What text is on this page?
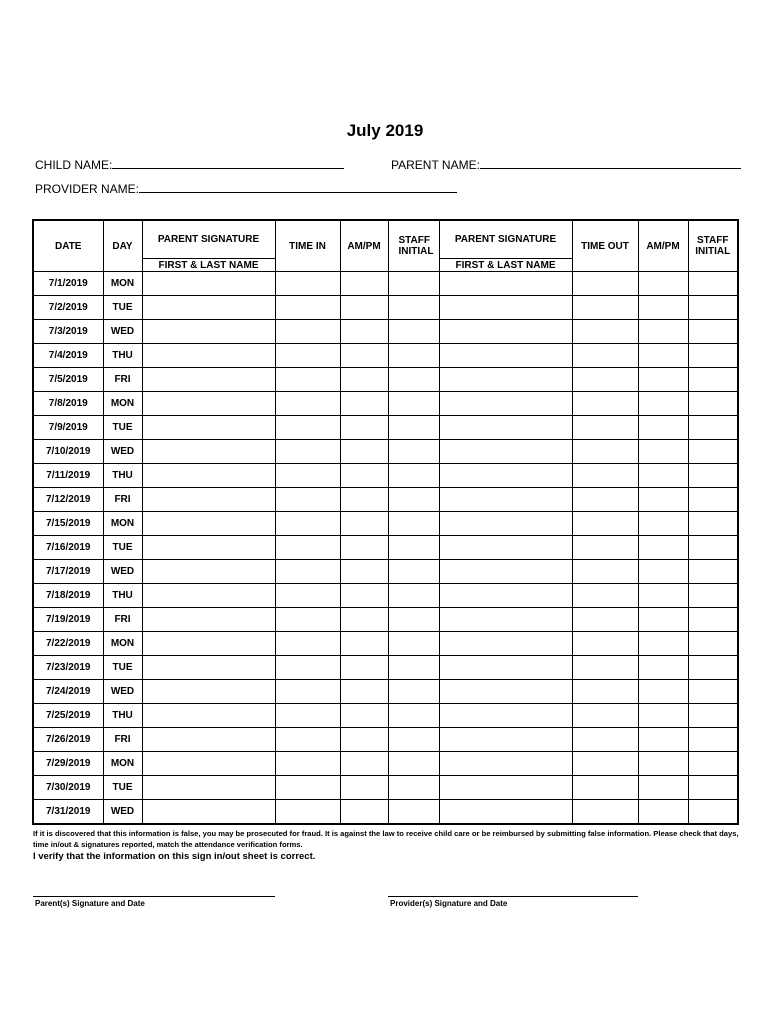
July 2019
CHILD NAME:	PARENT NAME:
PROVIDER NAME:
DATE	DAY	PARENT SIGNATURE	TIME IN	AM/PM	STAFF INITIAL	PARENT SIGNATURE	TIME OUT	AM/PM	STAFF INITIAL
		FIRST & LAST NAME				FIRST & LAST NAME			
7/1/2019	MON								
7/2/2019	TUE								
7/3/2019	WED								
7/4/2019	THU								
7/5/2019	FRI								
7/8/2019	MON								
7/9/2019	TUE								
7/10/2019	WED								
7/11/2019	THU								
7/12/2019	FRI								
7/15/2019	MON								
7/16/2019	TUE								
7/17/2019	WED								
7/18/2019	THU								
7/19/2019	FRI								
7/22/2019	MON								
7/23/2019	TUE								
7/24/2019	WED								
7/25/2019	THU								
7/26/2019	FRI								
7/29/2019	MON								
7/30/2019	TUE								
7/31/2019	WED								
If it is discovered that this information is false, you may be prosecuted for fraud. It is against the law to receive child care or be reimbursed by submitting false information. Please check that days, time in/out & signatures reported, match the attendance verification forms.
I verify that the information on this sign in/out sheet is correct.
Parent(s) Signature and Date	Provider(s) Signature and Date
